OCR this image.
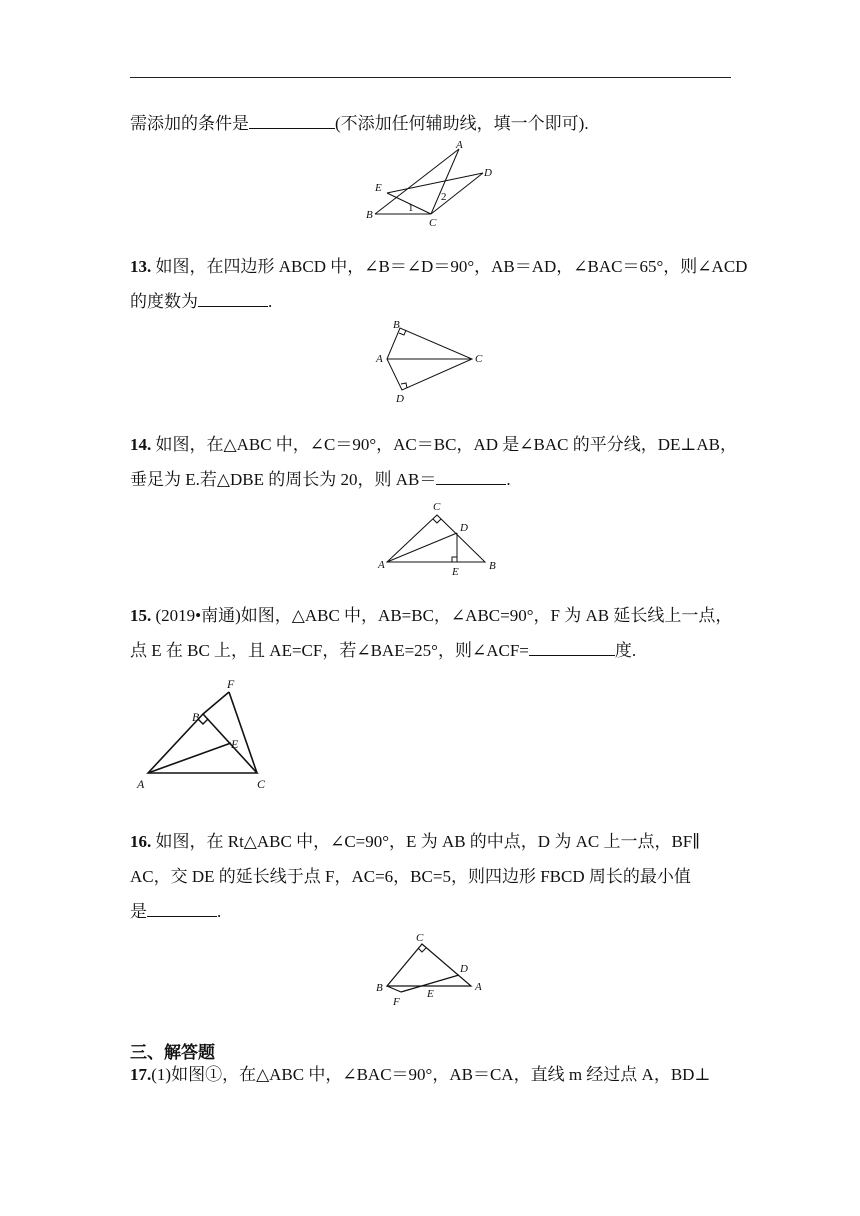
需添加的条件是	(不添加任何辅助线，填一个即可).
A
B
C
D
E
1
2
13. 如图，在四边形 ABCD 中，∠B＝∠D＝90°，AB＝AD，∠BAC＝65°，则∠ACD
的度数为	.
A
B
C
D
14. 如图，在△ABC 中，∠C＝90°，AC＝BC，AD 是∠BAC 的平分线，DE⊥AB，
垂足为 E.若△DBE 的周长为 20，则 AB＝	.
A
C
D
E	B
15. (2019•南通)如图，△ABC 中，AB=BC，∠ABC=90°，F 为 AB 延长线上一点，
点 E 在 BC 上，且 AE=CF，若∠BAE=25°，则∠ACF=	度.
A
B
C
E
F
16. 如图，在 Rt△ABC 中，∠C=90°，E 为 AB 的中点，D 为 AC 上一点，BF∥
AC，交 DE 的延长线于点 F，AC=6，BC=5，则四边形 FBCD 周长的最小值
是	.
C
B
F
E
D
A
三、解答题
17.(1)如图①，在△ABC 中，∠BAC＝90°，AB＝CA，直线 m 经过点 A，BD⊥
